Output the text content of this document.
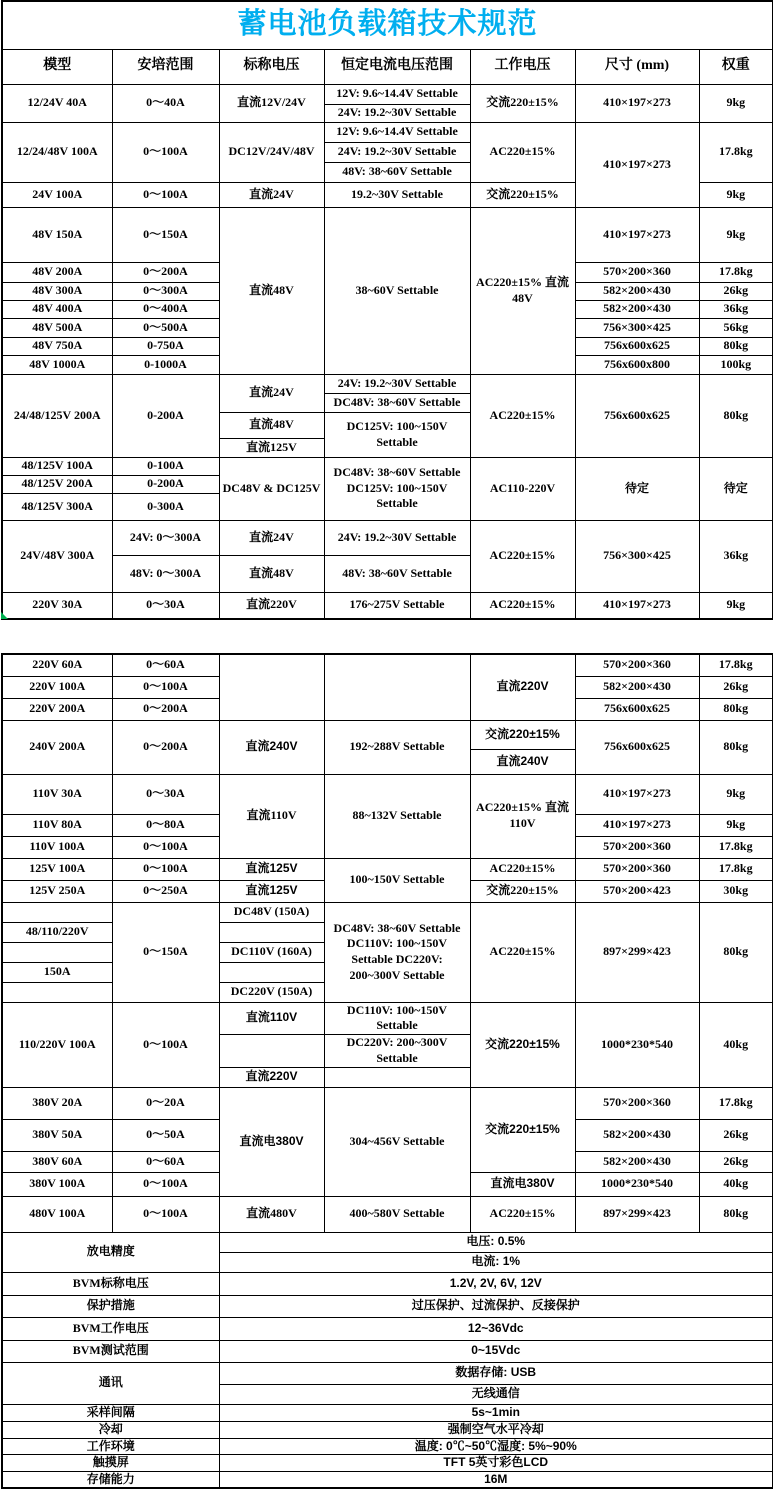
蓄电池负载箱技术规范						
模型	安培范围	标称电压	恒定电流电压范围	工作电压	尺寸 (mm)	权重
12/24V 40A	0～40A	直流12V/24V	12V: 9.6~14.4V Settable	交流220±15%	410×197×273	9kg
			24V: 19.2~30V Settable			
12/24/48V 100A	0～100A	DC12V/24V/48V	12V: 9.6~14.4V Settable	AC220±15%	410×197×273	17.8kg
			24V: 19.2~30V Settable			
			48V: 38~60V Settable			
24V 100A	0～100A	直流24V	19.2~30V Settable	交流220±15%		9kg
48V 150A	0～150A	直流48V	38~60V Settable	AC220±15% 直流48V	410×197×273	9kg
48V 200A	0～200A				570×200×360	17.8kg
48V 300A	0～300A				582×200×430	26kg
48V 400A	0～400A				582×200×430	36kg
48V 500A	0～500A				756×300×425	56kg
48V 750A	0-750A				756x600x625	80kg
48V 1000A	0-1000A				756x600x800	100kg
24/48/125V 200A	0-200A	直流24V	24V: 19.2~30V Settable	AC220±15%	756x600x625	80kg
			DC48V: 38~60V Settable			
		直流48V	DC125V: 100~150V Settable			
		直流125V				
48/125V 100A	0-100A	DC48V & DC125V	DC48V: 38~60V Settable DC125V: 100~150V Settable	AC110-220V	待定	待定
48/125V 200A	0-200A					
48/125V 300A	0-300A					
24V/48V 300A	24V: 0～300A	直流24V	24V: 19.2~30V Settable	AC220±15%	756×300×425	36kg
	48V: 0～300A	直流48V	48V: 38~60V Settable			
220V 30A	0～30A	直流220V	176~275V Settable	AC220±15%	410×197×273	9kg
220V 60A	0～60A			直流220V	570×200×360	17.8kg
220V 100A	0～100A				582×200×430	26kg
220V 200A	0～200A				756x600x625	80kg
240V 200A	0～200A	直流240V	192~288V Settable	交流220±15%	756x600x625	80kg
				直流240V		
110V 30A	0～30A	直流110V	88~132V Settable	AC220±15% 直流110V	410×197×273	9kg
110V 80A	0～80A				410×197×273	9kg
110V 100A	0～100A				570×200×360	17.8kg
125V 100A	0～100A	直流125V	100~150V Settable	AC220±15%	570×200×360	17.8kg
125V 250A	0～250A	直流125V		交流220±15%	570×200×423	30kg
	0～150A	DC48V (150A)	DC48V: 38~60V Settable DC110V: 100~150V Settable DC220V: 200~300V Settable	AC220±15%	897×299×423	80kg
48/110/220V						
		DC110V (160A)				
150A						
		DC220V (150A)				
110/220V 100A	0～100A	直流110V	DC110V: 100~150V Settable	交流220±15%	1000*230*540	40kg
			DC220V: 200~300V Settable			
		直流220V				
380V 20A	0～20A	直流电380V	304~456V Settable	交流220±15%	570×200×360	17.8kg
380V 50A	0～50A				582×200×430	26kg
380V 60A	0～60A				582×200×430	26kg
380V 100A	0～100A			直流电380V	1000*230*540	40kg
480V 100A	0～100A	直流480V	400~580V Settable	AC220±15%	897×299×423	80kg
放电精度		电压: 0.5%				
		电流: 1%				
BVM标称电压		1.2V, 2V, 6V, 12V				
保护措施		过压保护、过流保护、反接保护				
BVM工作电压		12~36Vdc				
BVM测试范围		0~15Vdc				
通讯		数据存储: USB				
		无线通信				
采样间隔		5s~1min				
冷却		强制空气水平冷却				
工作环境		温度: 0℃~50℃湿度: 5%~90%				
触摸屏		TFT 5英寸彩色LCD				
存储能力		16M				
